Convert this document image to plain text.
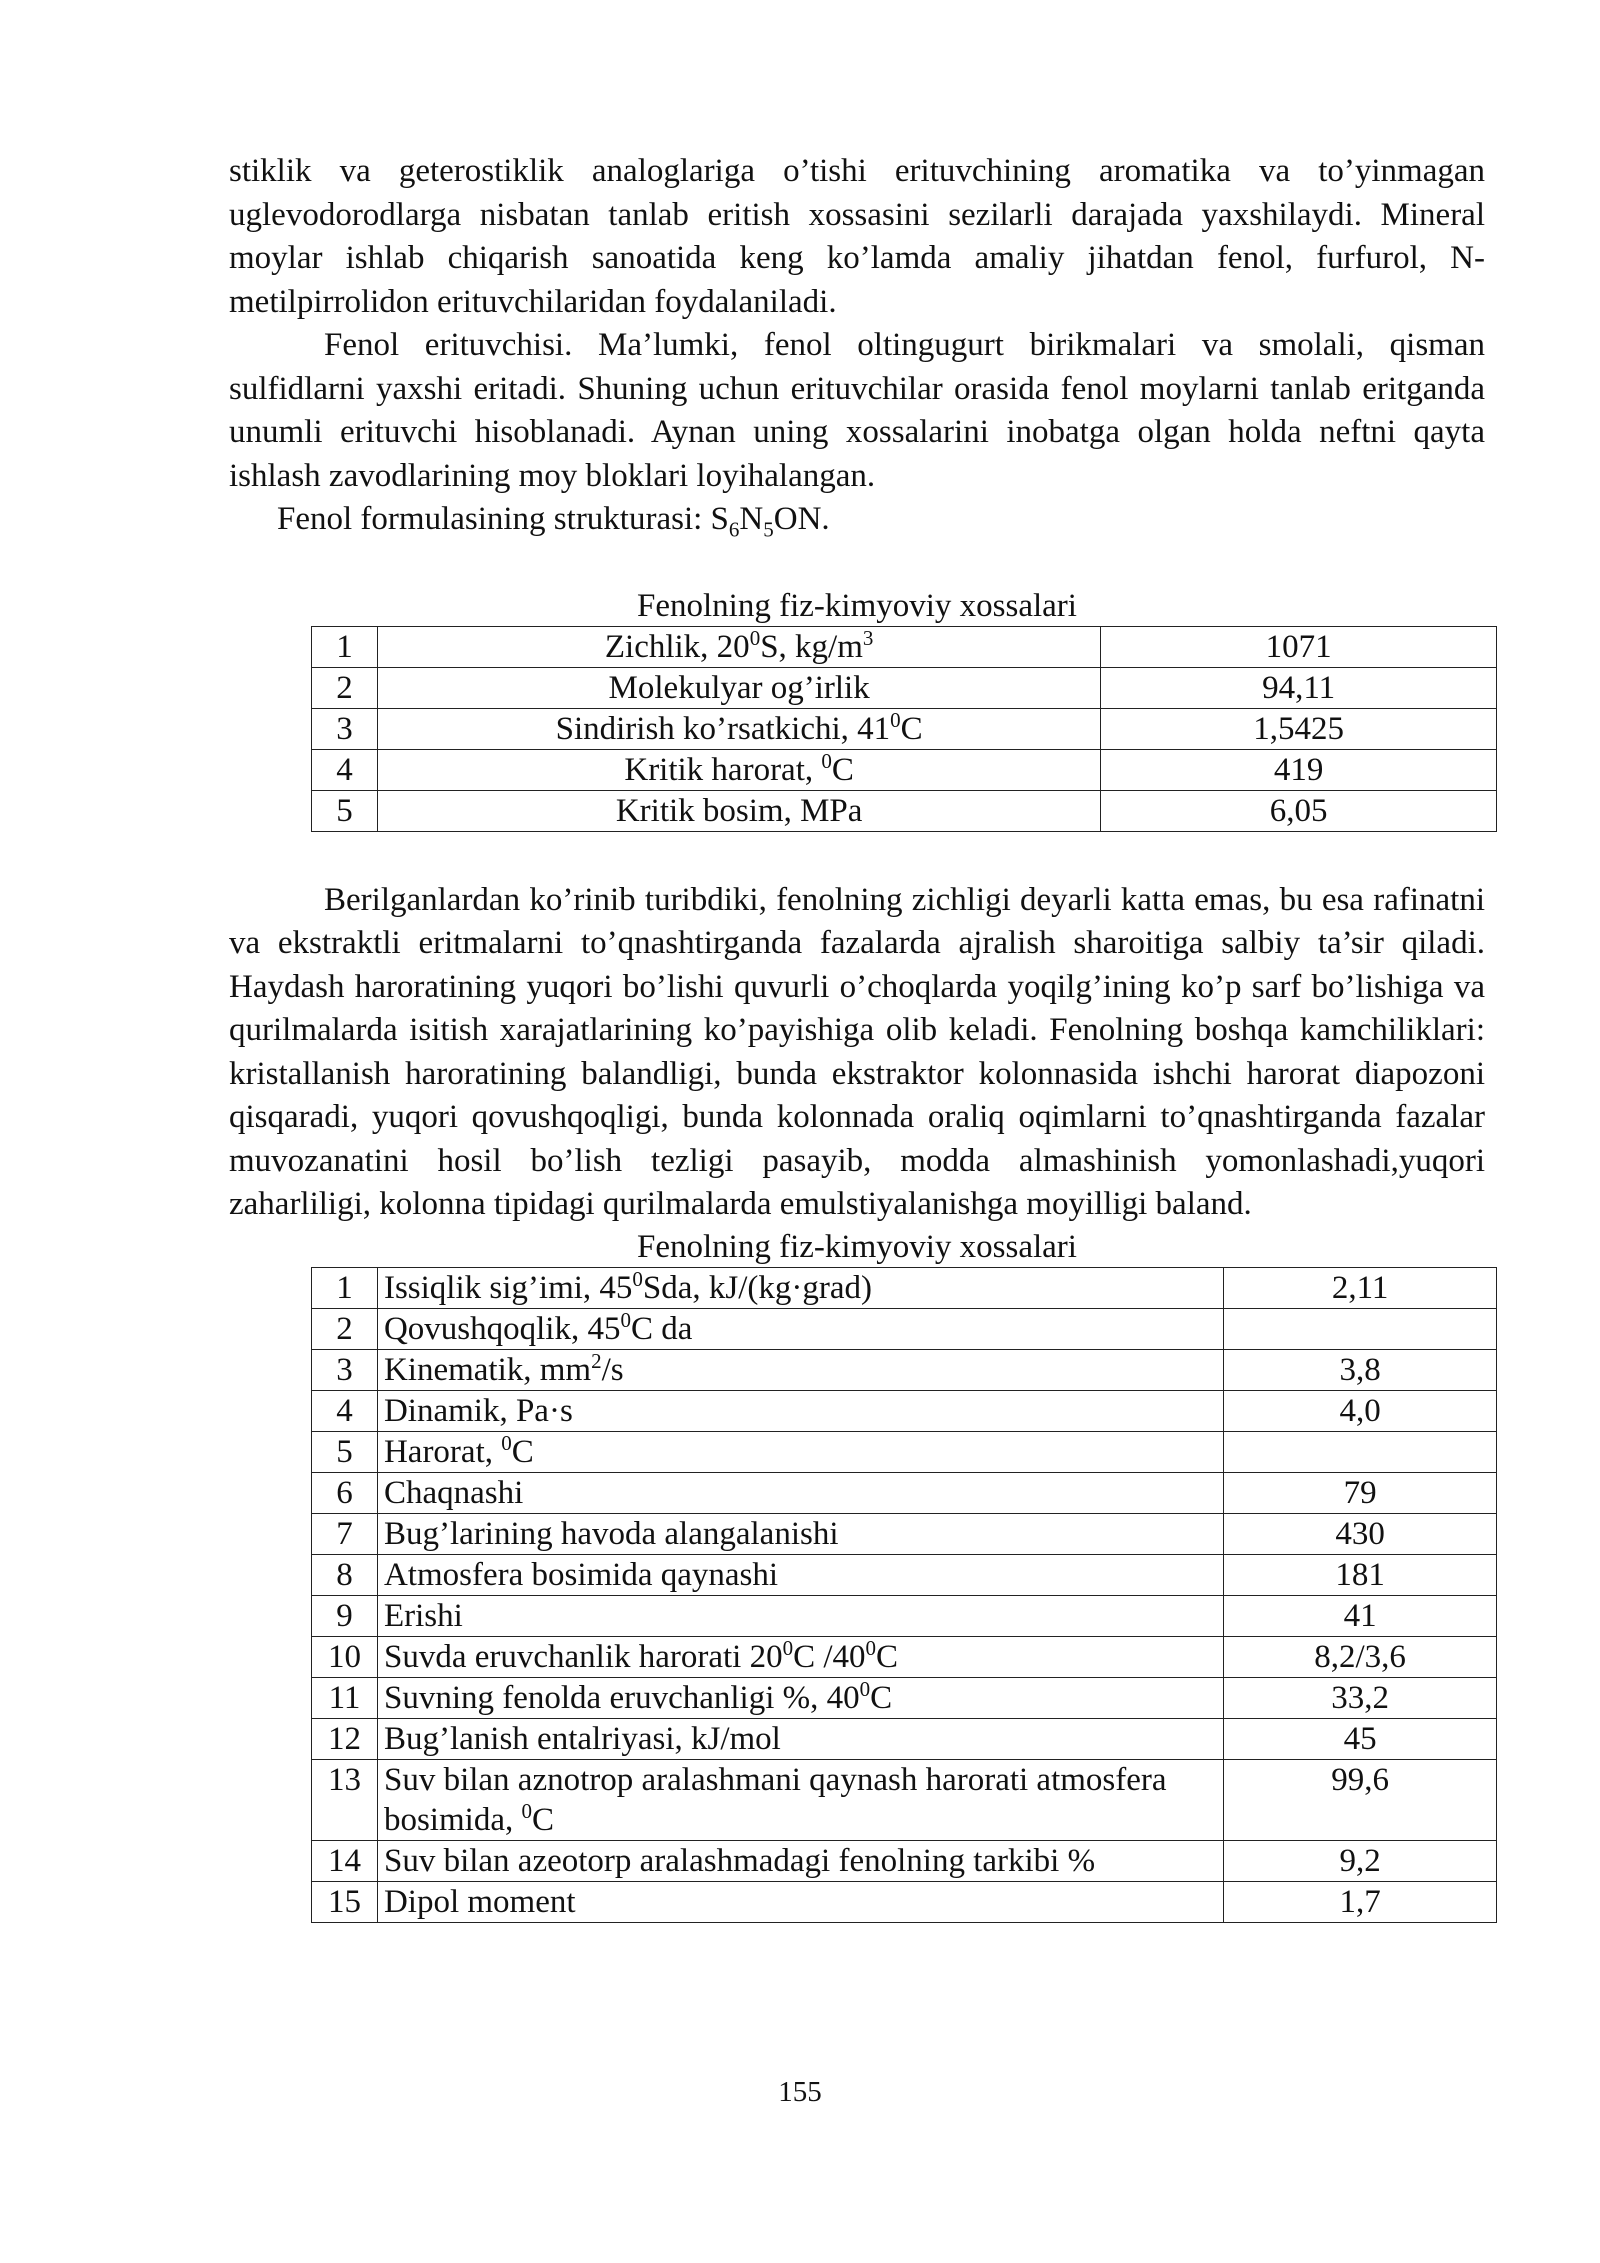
stiklik va geterostiklik analoglariga o’tishi erituvchining aromatika va to’yinmagan uglevodorodlarga nisbatan tanlab eritish xossasini sezilarli darajada yaxshilaydi. Mineral moylar ishlab chiqarish sanoatida keng ko’lamda amaliy jihatdan fenol, furfurol, N- metilpirrolidon erituvchilaridan foydalaniladi.

Fenol erituvchisi. Ma’lumki, fenol oltingugurt birikmalari va smolali, qisman sulfidlarni yaxshi eritadi. Shuning uchun erituvchilar orasida fenol moylarni tanlab eritganda unumli erituvchi hisoblanadi. Aynan uning xossalarini inobatga olgan holda neftni qayta ishlash zavodlarining moy bloklari loyihalangan.

Fenol formulasining strukturasi: $S_6N_5ON$.

Fenolning fiz-kimyoviy xossalari
1	Zichlik, $20^0S$, $kg/m^3$	1071
2	Molekulyar og’irlik	94,11
3	Sindirish ko’rsatkichi, $41^0C$	1,5425
4	Kritik harorat, $^0$C	419
5	Kritik bosim, MPa	6,05

Berilganlardan ko’rinib turibdiki, fenolning zichligi deyarli katta emas, bu esa rafinatni va ekstraktli eritmalarni to’qnashtirganda fazalarda ajralish sharoitiga salbiy ta’sir qiladi. Haydash haroratining yuqori bo’lishi quvurli o’choqlarda yoqilg’ining ko’p sarf bo’lishiga va qurilmalarda isitish xarajatlarining ko’payishiga olib keladi. Fenolning boshqa kamchiliklari: kristallanish haroratining balandligi, bunda ekstraktor kolonnasida ishchi harorat diapozoni qisqaradi, yuqori qovushqoqligi, bunda kolonnada oraliq oqimlarni to’qnashtirganda fazalar muvozanatini hosil bo’lish tezligi pasayib, modda almashinish yomonlashadi,yuqori zaharliligi, kolonna tipidagi qurilmalarda emulstiyalanishga moyilligi baland.

Fenolning fiz-kimyoviy xossalari
1	Issiqlik sig’imi, $45^0Sda$, kJ/(kg·grad)	2,11
2	Qovushqoqlik, $45^0C$ da	
3	Kinematik, $mm^2/s$	3,8
4	Dinamik, Pa·s	4,0
5	Harorat, $^0$C	
6	Chaqnashi	79
7	Bug’larining havoda alangalanishi	430
8	Atmosfera bosimida qaynashi	181
9	Erishi	41
10	Suvda eruvchanlik harorati $20^0C$ $/40^0C$	8,2/3,6
11	Suvning fenolda eruvchanligi %, $40^0C$	33,2
12	Bug’lanish entalriyasi, kJ/mol	45
13	Suv bilan aznotrop aralashmani qaynash harorati atmosfera bosimida, $^0$C	99,6
14	Suv bilan azeotorp aralashmadagi fenolning tarkibi %	9,2
15	Dipol moment	1,7
155
